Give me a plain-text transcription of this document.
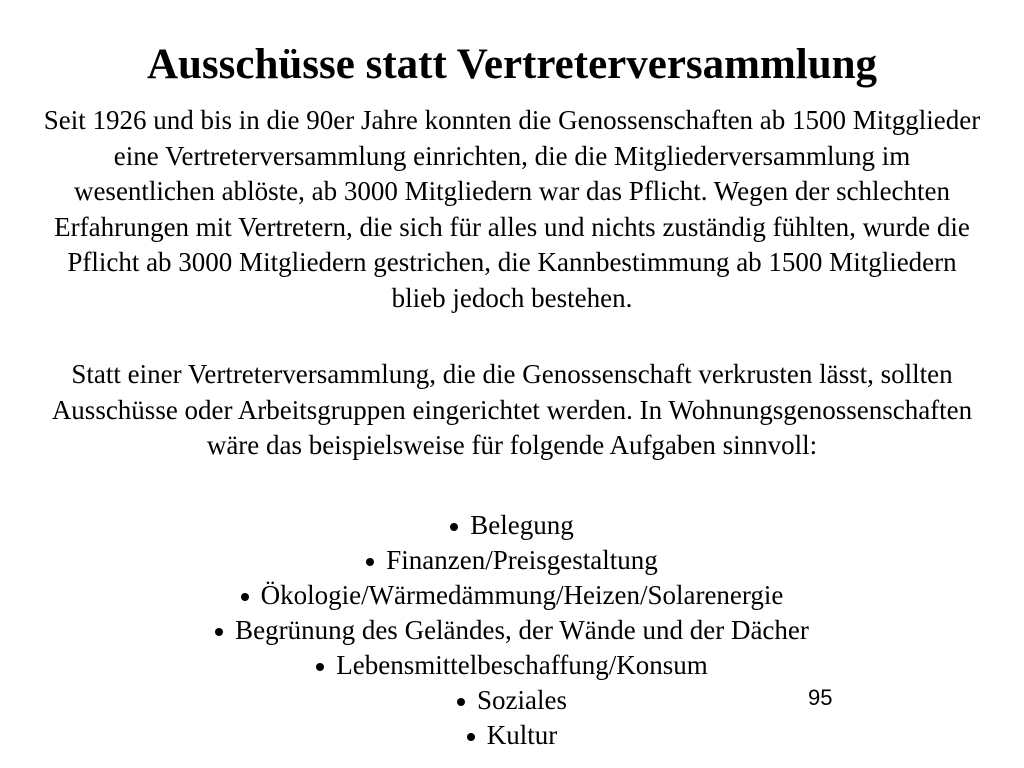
Ausschüsse statt Vertreterversammlung

Seit 1926 und bis in die 90er Jahre konnten die Genossenschaften ab 1500 Mitgglieder eine Vertreterversammlung einrichten, die die Mitgliederversammlung im wesentlichen ablöste, ab 3000 Mitgliedern war das Pflicht. Wegen der schlechten Erfahrungen mit Vertretern, die sich für alles und nichts zuständig fühlten, wurde die Pflicht ab 3000 Mitgliedern gestrichen, die Kannbestimmung ab 1500 Mitgliedern blieb jedoch bestehen.

Statt einer Vertreterversammlung, die die Genossenschaft verkrusten lässt, sollten Ausschüsse oder Arbeitsgruppen eingerichtet werden. In Wohnungsgenossenschaften wäre das beispielsweise für folgende Aufgaben sinnvoll:

Belegung
Finanzen/Preisgestaltung
Ökologie/Wärmedämmung/Heizen/Solarenergie
Begrünung des Geländes, der Wände und der Dächer
Lebensmittelbeschaffung/Konsum
Soziales
Kultur
95
